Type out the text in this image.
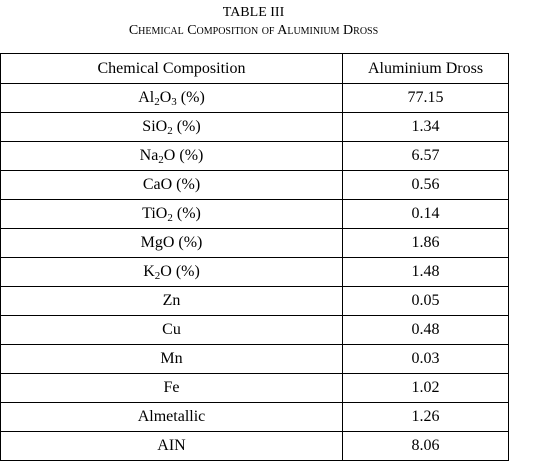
TABLE III
Chemical Composition of Aluminium Dross
Chemical Composition	Aluminium Dross
$Al_2O_3$ (%)	77.15
SiO$_2$ (%)	1.34
$Na_2O$ (%)	6.57
CaO (%)	0.56
TiO$_2$ (%)	0.14
MgO (%)	1.86
$K_2O$ (%)	1.48
Zn	0.05
Cu	0.48
Mn	0.03
Fe	1.02
Almetallic	1.26
AIN	8.06
